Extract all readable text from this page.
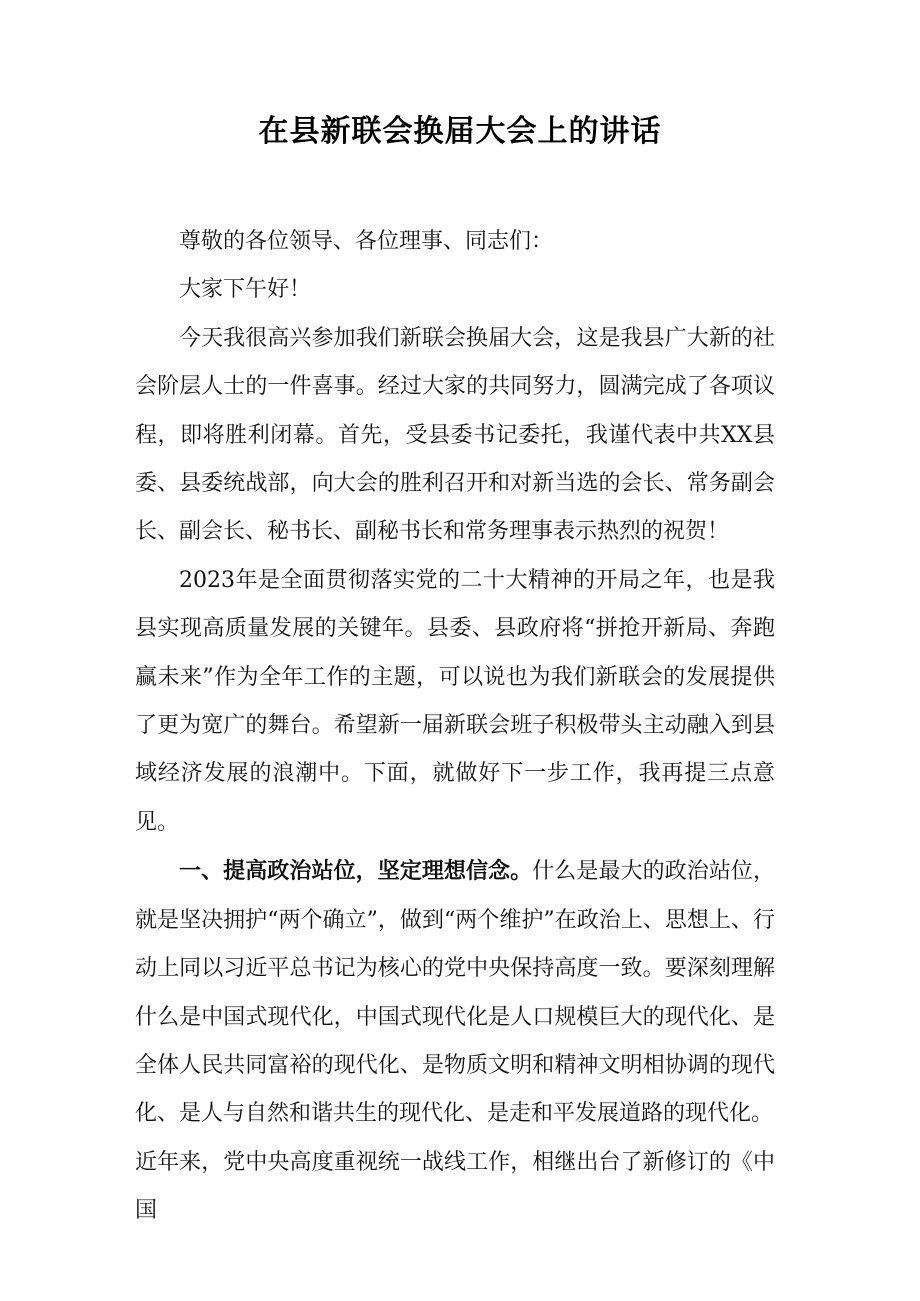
在县新联会换届大会上的讲话

尊敬的各位领导、各位理事、同志们：

大家下午好！

今天我很高兴参加我们新联会换届大会，这是我县广大新的社会阶层人士的一件喜事。经过大家的共同努力，圆满完成了各项议程，即将胜利闭幕。首先，受县委书记委托，我谨代表中共XX县委、县委统战部，向大会的胜利召开和对新当选的会长、常务副会长、副会长、秘书长、副秘书长和常务理事表示热烈的祝贺！

2023年是全面贯彻落实党的二十大精神的开局之年，也是我县实现高质量发展的关键年。县委、县政府将“拼抢开新局、奔跑赢未来”作为全年工作的主题，可以说也为我们新联会的发展提供了更为宽广的舞台。希望新一届新联会班子积极带头主动融入到县域经济发展的浪潮中。下面，就做好下一步工作，我再提三点意见。

一、提高政治站位，坚定理想信念。什么是最大的政治站位，就是坚决拥护“两个确立”，做到“两个维护”在政治上、思想上、行动上同以习近平总书记为核心的党中央保持高度一致。要深刻理解什么是中国式现代化，中国式现代化是人口规模巨大的现代化、是全体人民共同富裕的现代化、是物质文明和精神文明相协调的现代化、是人与自然和谐共生的现代化、是走和平发展道路的现代化。

近年来，党中央高度重视统一战线工作，相继出台了新修订的《中国
